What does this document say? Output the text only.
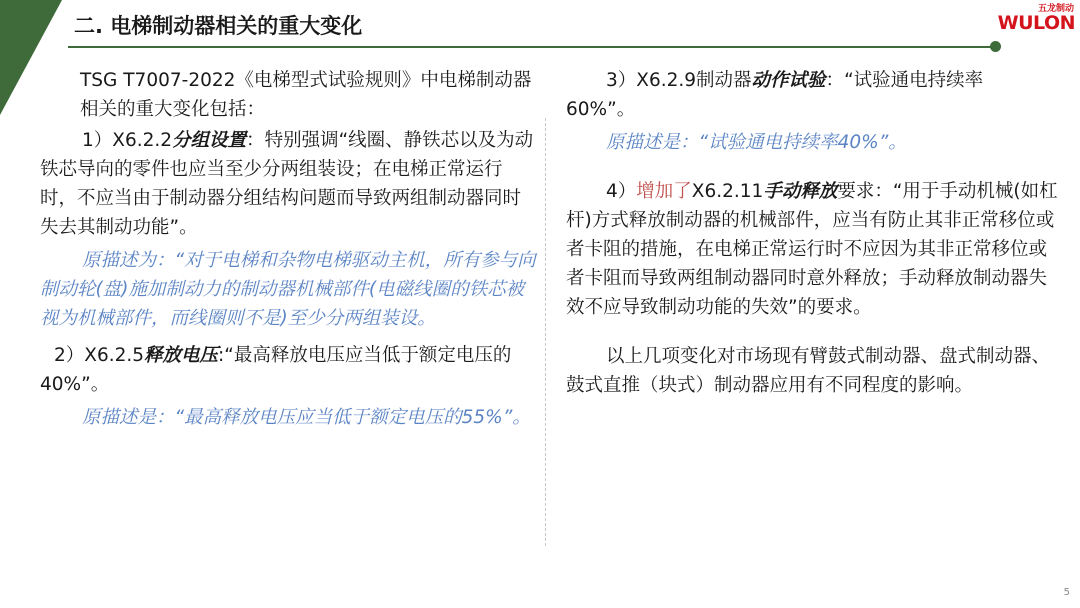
二. 电梯制动器相关的重大变化
五龙制动
WULON

TSG T7007-2022《电梯型式试验规则》中电梯制动器相关的重大变化包括：

1）X6.2.2分组设置：特别强调“线圈、静铁芯以及为动铁芯导向的零件也应当至少分两组装设；在电梯正常运行时，不应当由于制动器分组结构问题而导致两组制动器同时失去其制动功能”。

原描述为：“对于电梯和杂物电梯驱动主机，所有参与向制动轮(盘)施加制动力的制动器机械部件(电磁线圈的铁芯被视为机械部件，而线圈则不是)至少分两组装设。

2）X6.2.5释放电压:“最高释放电压应当低于额定电压的40%”。

原描述是：“最高释放电压应当低于额定电压的55%”。

3）X6.2.9制动器动作试验：“试验通电持续率 60%”。

原描述是：“试验通电持续率40%”。

4）增加了X6.2.11手动释放要求：“用于手动机械(如杠杆)方式释放制动器的机械部件，应当有防止其非正常移位或者卡阻的措施，在电梯正常运行时不应因为其非正常移位或者卡阻而导致两组制动器同时意外释放；手动释放制动器失效不应导致制动功能的失效”的要求。

以上几项变化对市场现有臂鼓式制动器、盘式制动器、鼓式直推（块式）制动器应用有不同程度的影响。

5
